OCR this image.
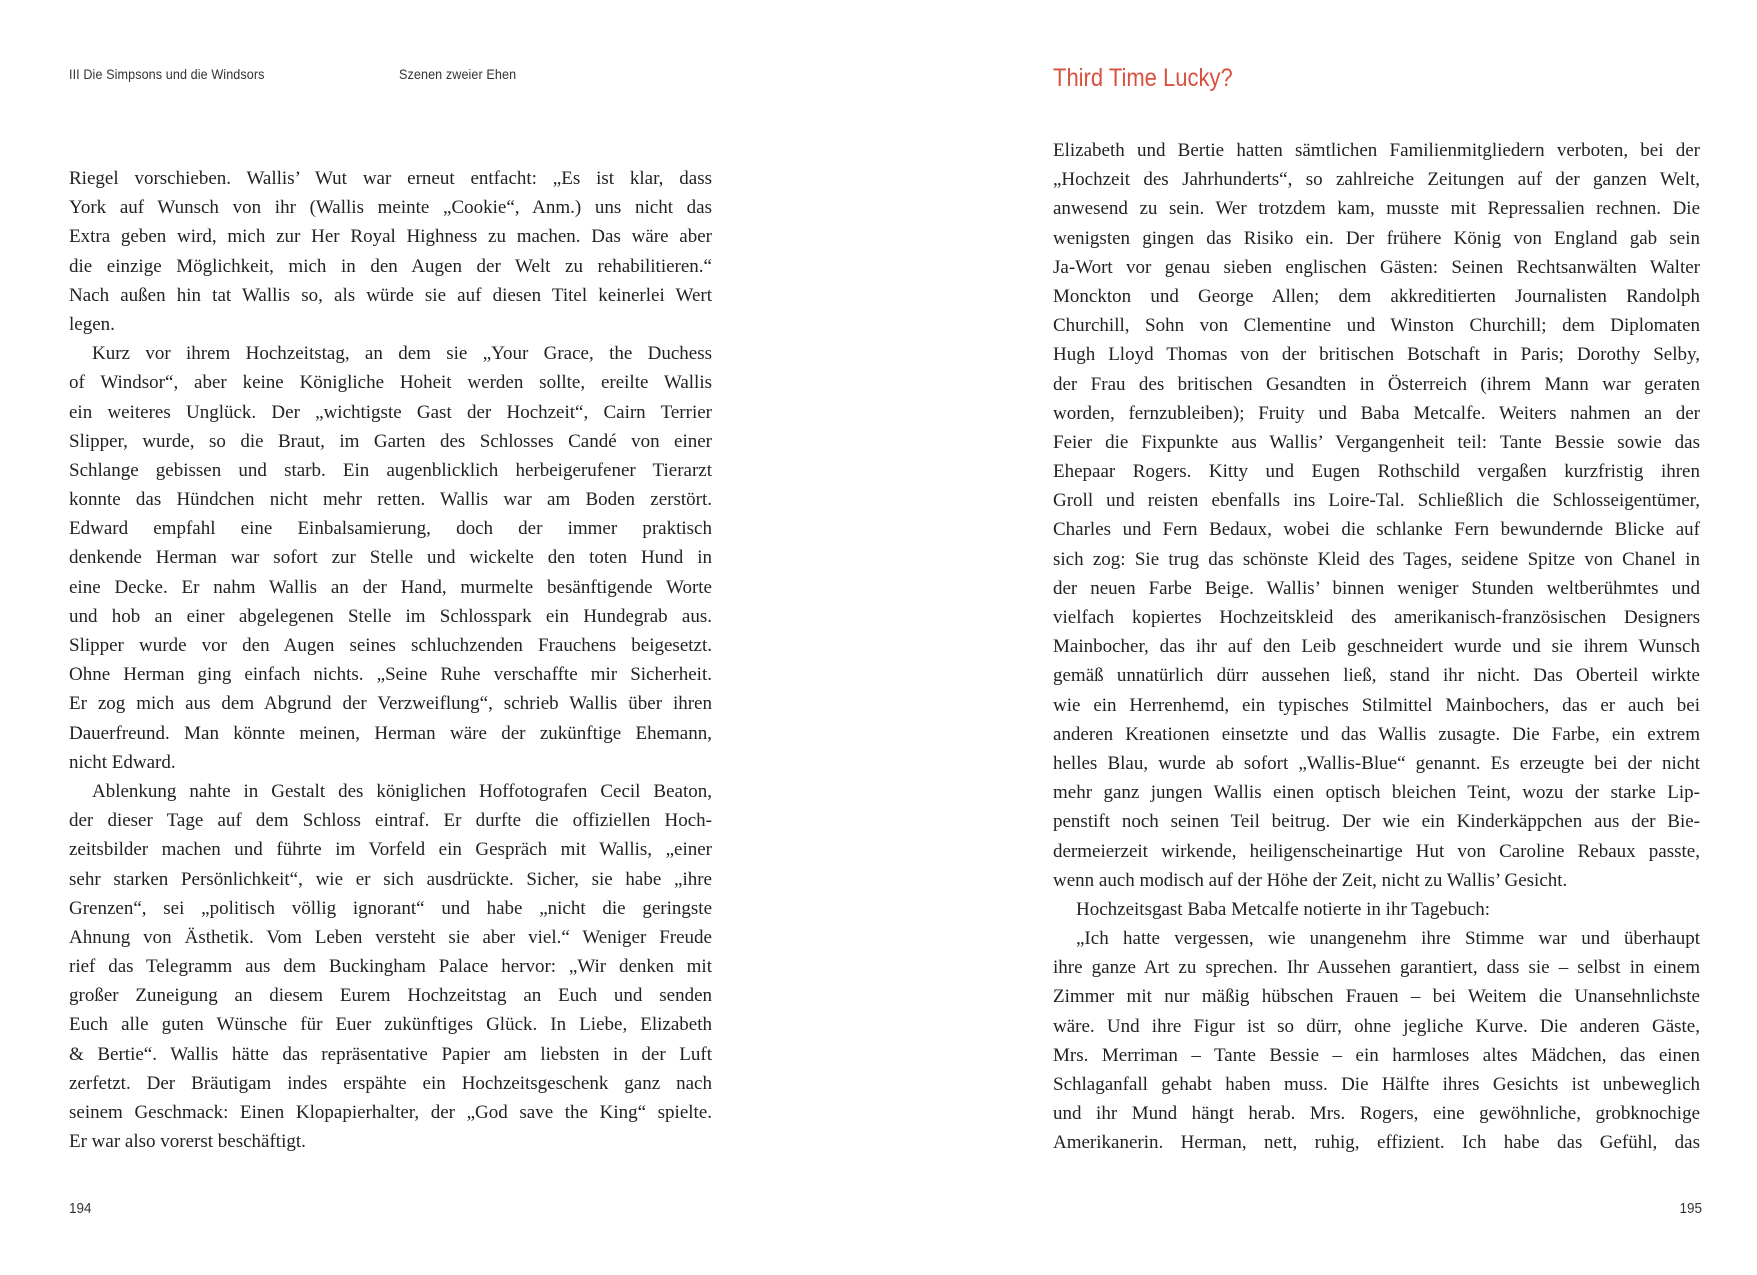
III Die Simpsons und die Windsors	Szenen zweier Ehen
Riegel vorschieben. Wallis’ Wut war erneut entfacht: „Es ist klar, dass
York auf Wunsch von ihr (Wallis meinte „Cookie“, Anm.) uns nicht das
Extra geben wird, mich zur Her Royal Highness zu machen. Das wäre aber
die einzige Möglichkeit, mich in den Augen der Welt zu rehabilitieren.“
Nach außen hin tat Wallis so, als würde sie auf diesen Titel keinerlei Wert
legen.
Kurz vor ihrem Hochzeitstag, an dem sie „Your Grace, the Duchess
of Windsor“, aber keine Königliche Hoheit werden sollte, ereilte Wallis
ein weiteres Unglück. Der „wichtigste Gast der Hochzeit“, Cairn Terrier
Slipper, wurde, so die Braut, im Garten des Schlosses Candé von einer
Schlange gebissen und starb. Ein augenblicklich herbeigerufener Tierarzt
konnte das Hündchen nicht mehr retten. Wallis war am Boden zerstört.
Edward empfahl eine Einbalsamierung, doch der immer praktisch
denkende Herman war sofort zur Stelle und wickelte den toten Hund in
eine Decke. Er nahm Wallis an der Hand, murmelte besänftigende Worte
und hob an einer abgelegenen Stelle im Schlosspark ein Hundegrab aus.
Slipper wurde vor den Augen seines schluchzenden Frauchens beigesetzt.
Ohne Herman ging einfach nichts. „Seine Ruhe verschaffte mir Sicherheit.
Er zog mich aus dem Abgrund der Verzweiflung“, schrieb Wallis über ihren
Dauerfreund. Man könnte meinen, Herman wäre der zukünftige Ehemann,
nicht Edward.
Ablenkung nahte in Gestalt des königlichen Hoffotografen Cecil Beaton,
der dieser Tage auf dem Schloss eintraf. Er durfte die offiziellen Hoch-
zeitsbilder machen und führte im Vorfeld ein Gespräch mit Wallis, „einer
sehr starken Persönlichkeit“, wie er sich ausdrückte. Sicher, sie habe „ihre
Grenzen“, sei „politisch völlig ignorant“ und habe „nicht die geringste
Ahnung von Ästhetik. Vom Leben versteht sie aber viel.“ Weniger Freude
rief das Telegramm aus dem Buckingham Palace hervor: „Wir denken mit
großer Zuneigung an diesem Eurem Hochzeitstag an Euch und senden
Euch alle guten Wünsche für Euer zukünftiges Glück. In Liebe, Elizabeth
& Bertie“. Wallis hätte das repräsentative Papier am liebsten in der Luft
zerfetzt. Der Bräutigam indes erspähte ein Hochzeitsgeschenk ganz nach
seinem Geschmack: Einen Klopapierhalter, der „God save the King“ spielte.
Er war also vorerst beschäftigt.
194
Third Time Lucky?
Elizabeth und Bertie hatten sämtlichen Familienmitgliedern verboten, bei der
„Hochzeit des Jahrhunderts“, so zahlreiche Zeitungen auf der ganzen Welt,
anwesend zu sein. Wer trotzdem kam, musste mit Repressalien rechnen. Die
wenigsten gingen das Risiko ein. Der frühere König von England gab sein
Ja-Wort vor genau sieben englischen Gästen: Seinen Rechtsanwälten Walter
Monckton und George Allen; dem akkreditierten Journalisten Randolph
Churchill, Sohn von Clementine und Winston Churchill; dem Diplomaten
Hugh Lloyd Thomas von der britischen Botschaft in Paris; Dorothy Selby,
der Frau des britischen Gesandten in Österreich (ihrem Mann war geraten
worden, fernzubleiben); Fruity und Baba Metcalfe. Weiters nahmen an der
Feier die Fixpunkte aus Wallis’ Vergangenheit teil: Tante Bessie sowie das
Ehepaar Rogers. Kitty und Eugen Rothschild vergaßen kurzfristig ihren
Groll und reisten ebenfalls ins Loire-Tal. Schließlich die Schlosseigentümer,
Charles und Fern Bedaux, wobei die schlanke Fern bewundernde Blicke auf
sich zog: Sie trug das schönste Kleid des Tages, seidene Spitze von Chanel in
der neuen Farbe Beige. Wallis’ binnen weniger Stunden weltberühmtes und
vielfach kopiertes Hochzeitskleid des amerikanisch-französischen Designers
Mainbocher, das ihr auf den Leib geschneidert wurde und sie ihrem Wunsch
gemäß unnatürlich dürr aussehen ließ, stand ihr nicht. Das Oberteil wirkte
wie ein Herrenhemd, ein typisches Stilmittel Mainbochers, das er auch bei
anderen Kreationen einsetzte und das Wallis zusagte. Die Farbe, ein extrem
helles Blau, wurde ab sofort „Wallis-Blue“ genannt. Es erzeugte bei der nicht
mehr ganz jungen Wallis einen optisch bleichen Teint, wozu der starke Lip-
penstift noch seinen Teil beitrug. Der wie ein Kinderkäppchen aus der Bie-
dermeierzeit wirkende, heiligenscheinartige Hut von Caroline Rebaux passte,
wenn auch modisch auf der Höhe der Zeit, nicht zu Wallis’ Gesicht.
Hochzeitsgast Baba Metcalfe notierte in ihr Tagebuch:
„Ich hatte vergessen, wie unangenehm ihre Stimme war und überhaupt
ihre ganze Art zu sprechen. Ihr Aussehen garantiert, dass sie – selbst in einem
Zimmer mit nur mäßig hübschen Frauen – bei Weitem die Unansehnlichste
wäre. Und ihre Figur ist so dürr, ohne jegliche Kurve. Die anderen Gäste,
Mrs. Merriman – Tante Bessie – ein harmloses altes Mädchen, das einen
Schlaganfall gehabt haben muss. Die Hälfte ihres Gesichts ist unbeweglich
und ihr Mund hängt herab. Mrs. Rogers, eine gewöhnliche, grobknochige
Amerikanerin. Herman, nett, ruhig, effizient. Ich habe das Gefühl, das
195
